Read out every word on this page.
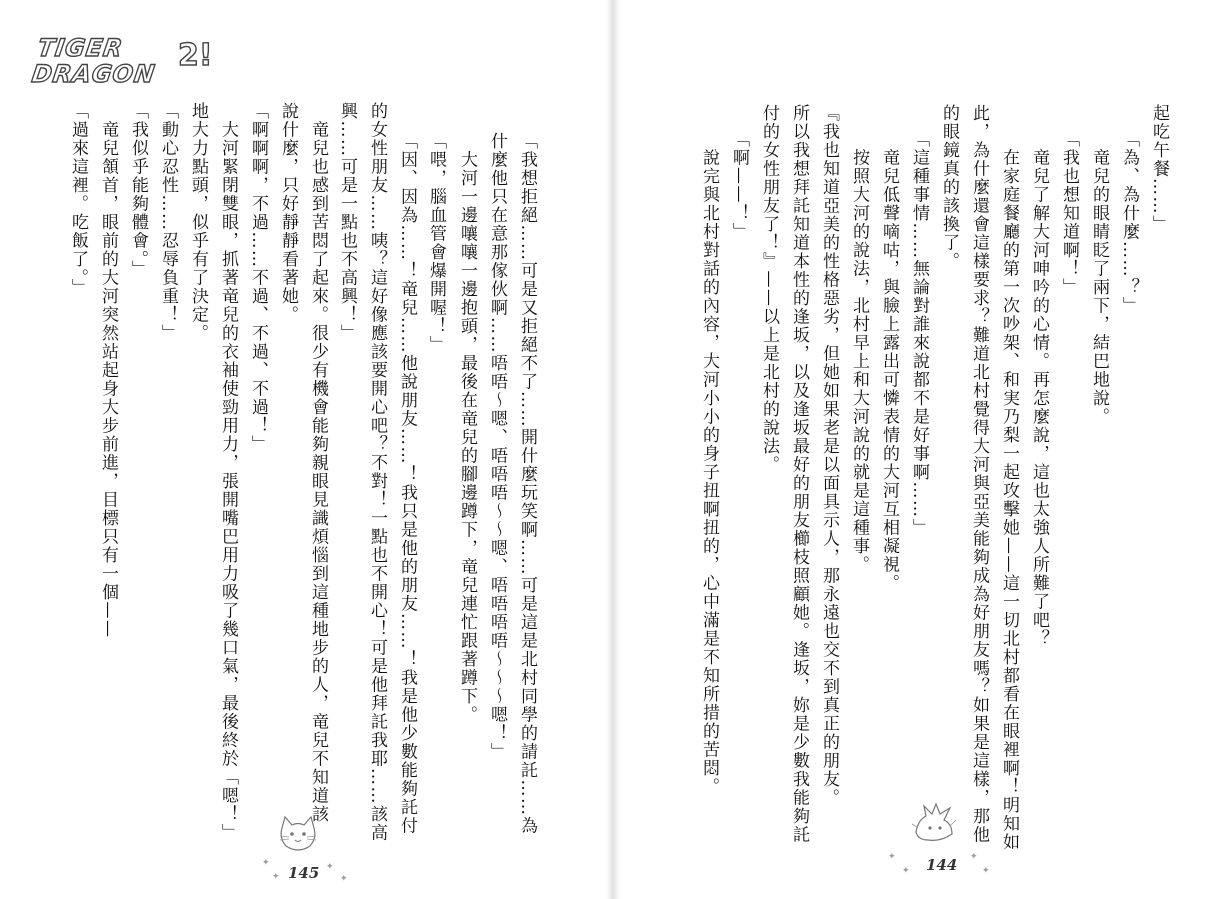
TIGER
DRAGON
2!
「我想拒絕……可是又拒絕不了……開什麼玩笑啊……可是這是北村同學的請託……為
什麼他只在意那傢伙啊……唔唔～嗯、唔唔唔～～嗯、唔唔唔唔～～～嗯！」
　大河一邊嚷嚷一邊抱頭，最後在竜兒的腳邊蹲下，竜兒連忙跟著蹲下。
「喂，腦血管會爆開喔！」
「因、因為……！竜兒……他說朋友……！我只是他的朋友……！我是他少數能夠託付
的女性朋友……咦？這好像應該要開心吧？不對！一點也不開心！可是他拜託我耶……該高
興……可是一點也不高興！」
　竜兒也感到苦悶了起來。很少有機會能夠親眼見識煩惱到這種地步的人，竜兒不知道該
說什麼，只好靜靜看著她。
「啊啊啊，不過……不過、不過、不過！」
　大河緊閉雙眼，抓著竜兒的衣袖使勁用力，張開嘴巴用力吸了幾口氣，最後終於「嗯！」
地大力點頭，似乎有了決定。
「動心忍性……忍辱負重！」
「我似乎能夠體會。」
　竜兒頷首，眼前的大河突然站起身大步前進，目標只有一個——
「過來這裡。吃飯了。」
✦
✦
✦
✦
145
起吃午餐……」
「為、為什麼……？」
　竜兒的眼睛眨了兩下，結巴地說。
「我也想知道啊！」
　竜兒了解大河呻吟的心情。再怎麼說，這也太強人所難了吧？
　在家庭餐廳的第一次吵架、和実乃梨一起攻擊她——這一切北村都看在眼裡啊！明知如
此，為什麼還會這樣要求？難道北村覺得大河與亞美能夠成為好朋友嗎？如果是這樣，那他
的眼鏡真的該換了。
「這種事情……無論對誰來說都不是好事啊……」
　竜兒低聲嘀咕，與臉上露出可憐表情的大河互相凝視。
　按照大河的說法，北村早上和大河說的就是這種事。
『我也知道亞美的性格惡劣，但她如果老是以面具示人，那永遠也交不到真正的朋友。
所以我想拜託知道本性的逢坂，以及逢坂最好的朋友櫛枝照顧她。逢坂，妳是少數我能夠託
付的女性朋友了！』——以上是北村的說法。
「啊——！」
　說完與北村對話的內容，大河小小的身子扭啊扭的，心中滿是不知所措的苦悶。
✦
✦
✦
✦
144
